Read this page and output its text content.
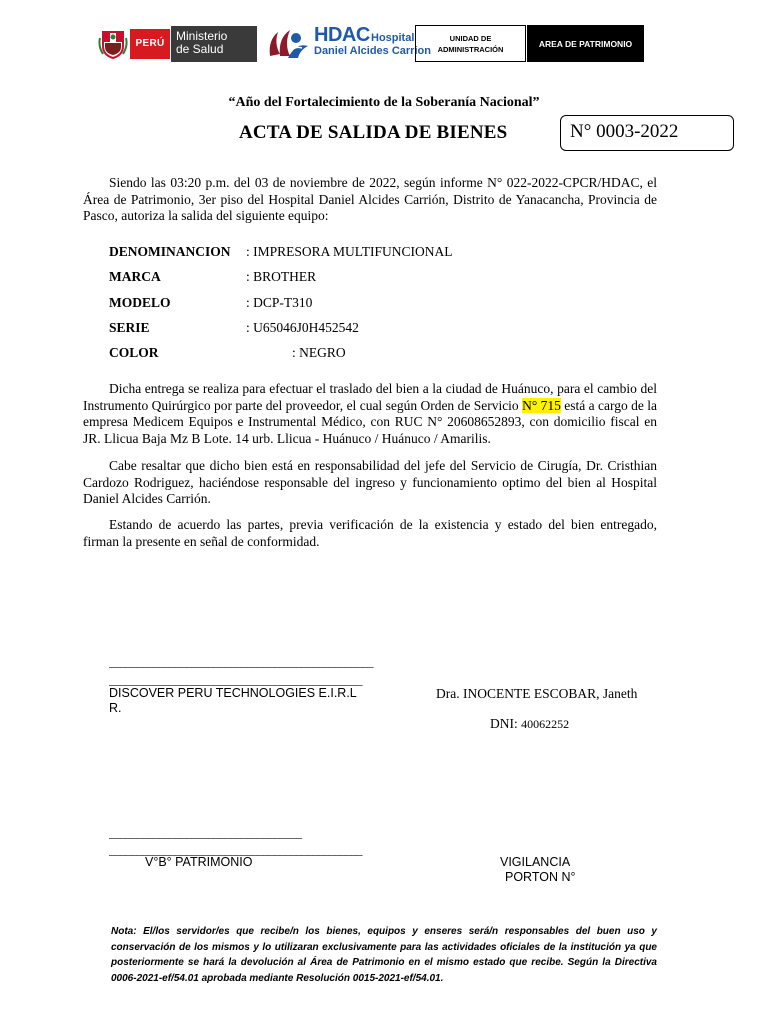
PERÚ
Ministerio
de Salud
HDAC Hospital
Daniel Alcides Carrion
UNIDAD DE ADMINISTRACIÓN
AREA DE PATRIMONIO
“Año del Fortalecimiento de la Soberanía Nacional”
ACTA DE SALIDA DE BIENES	N° 0003-2022
Siendo las 03:20 p.m. del 03 de noviembre de 2022, según informe N° 022-2022-CPCR/HDAC, el Área de Patrimonio, 3er piso del Hospital Daniel Alcides Carrión, Distrito de Yanacancha, Provincia de Pasco, autoriza la salida del siguiente equipo:
DENOMINANCION : IMPRESORA MULTIFUNCIONAL
MARCA	: BROTHER
MODELO	: DCP-T310
SERIE	: U65046J0H452542
COLOR	: NEGRO
Dicha entrega se realiza para efectuar el traslado del bien a la ciudad de Huánuco, para el cambio del Instrumento Quirúrgico por parte del proveedor, el cual según Orden de Servicio N° 715 está a cargo de la empresa Medicem Equipos e Instrumental Médico, con RUC N° 20608652893, con domicilio fiscal en JR. Llicua Baja Mz B Lote. 14 urb. Llicua - Huánuco / Huánuco / Amarilis.
Cabe resaltar que dicho bien está en responsabilidad del jefe del Servicio de Cirugía, Dr. Cristhian Cardozo Rodriguez, haciéndose responsable del ingreso y funcionamiento optimo del bien al Hospital Daniel Alcides Carrión.
Estando de acuerdo las partes, previa verificación de la existencia y estado del bien entregado, firman la presente en señal de conformidad.
________________________________________________
______________________________________________
DISCOVER PERU TECHNOLOGIES E.I.R.L
R.
Dra. INOCENTE ESCOBAR, Janeth
DNI: 40062252
___________________________________
______________________________________________
V°B° PATRIMONIO	VIGILANCIA
PORTON N°
Nota: El/los servidor/es que recibe/n los bienes, equipos y enseres será/n responsables del buen uso y conservación de los mismos y lo utilizaran exclusivamente para las actividades oficiales de la institución ya que posteriormente se hará la devolución al Área de Patrimonio en el mismo estado que recibe. Según la Directiva 0006-2021-ef/54.01 aprobada mediante Resolución 0015-2021-ef/54.01.
